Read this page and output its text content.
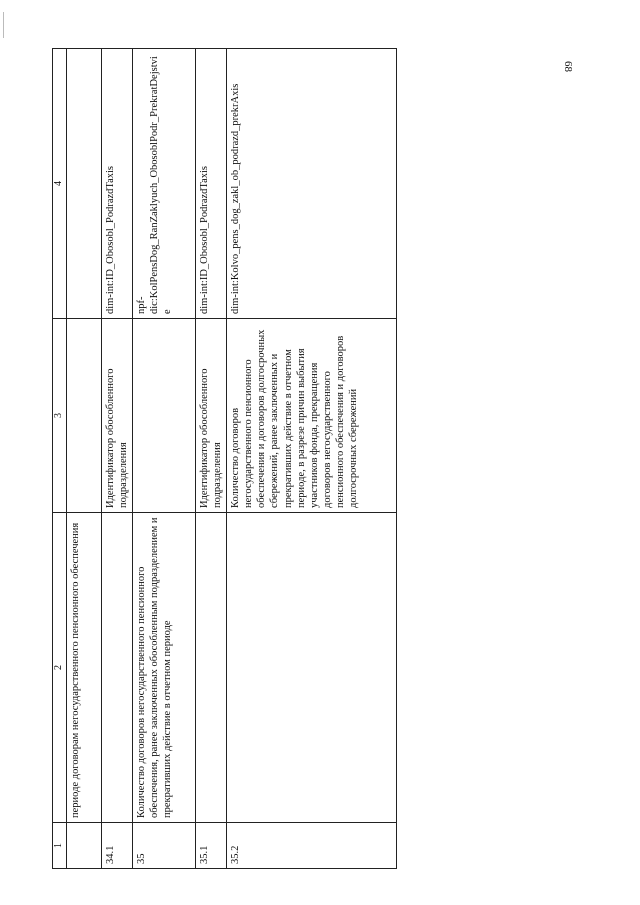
68
1	2	3	4
	периоде договорам негосударственного пенсионного обеспечения		
34.1		Идентификатор обособленного подразделения	dim-int:ID_Obosobl_PodrazdTaxis
35	Количество договоров негосударственного пенсионного обеспечения, ранее заключенных обособленным подразделением и прекративших действие в отчетном периоде		npf-dic:KolPensDog_RanZaklyuch_ObosoblPodr_PrekratDejstvie
35.1		Идентификатор обособленного подразделения	dim-int:ID_Obosobl_PodrazdTaxis
35.2		Количество договоров негосударственного пенсионного обеспечения и договоров долгосрочных сбережений, ранее заключенных и прекративших действие в отчетном периоде, в разрезе причин выбытия участников фонда, прекращения договоров негосударственного пенсионного обеспечения и договоров долгосрочных сбережений	dim-int:Kolvo_pens_dog_zakl_ob_podrazd_prekrAxis
